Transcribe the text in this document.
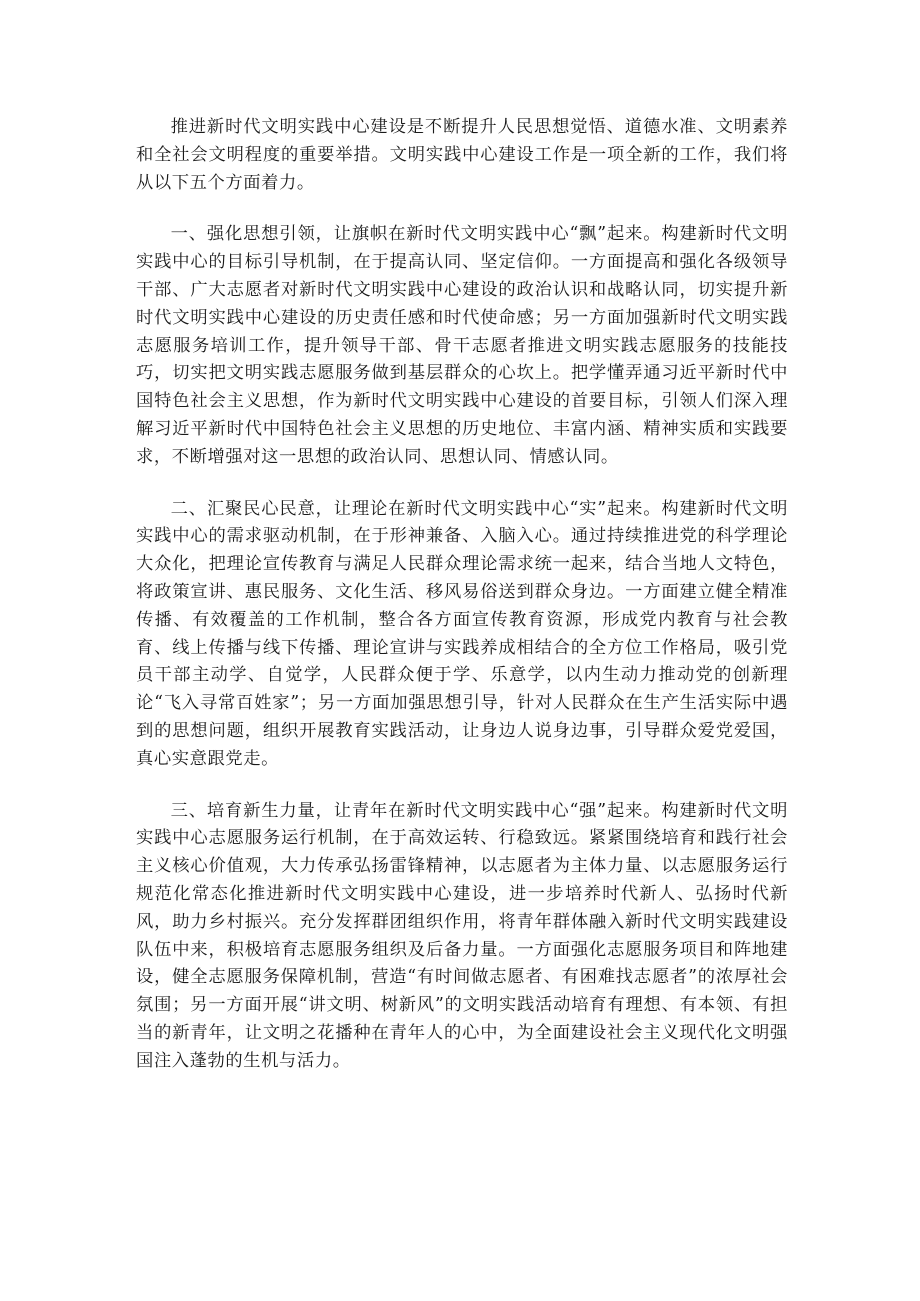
推进新时代文明实践中心建设是不断提升人民思想觉悟、道德水准、文明素养和全社会文明程度的重要举措。文明实践中心建设工作是一项全新的工作，我们将从以下五个方面着力。

一、强化思想引领，让旗帜在新时代文明实践中心“飘”起来。构建新时代文明实践中心的目标引导机制，在于提高认同、坚定信仰。一方面提高和强化各级领导干部、广大志愿者对新时代文明实践中心建设的政治认识和战略认同，切实提升新时代文明实践中心建设的历史责任感和时代使命感；另一方面加强新时代文明实践志愿服务培训工作，提升领导干部、骨干志愿者推进文明实践志愿服务的技能技巧，切实把文明实践志愿服务做到基层群众的心坎上。把学懂弄通习近平新时代中国特色社会主义思想，作为新时代文明实践中心建设的首要目标，引领人们深入理解习近平新时代中国特色社会主义思想的历史地位、丰富内涵、精神实质和实践要求，不断增强对这一思想的政治认同、思想认同、情感认同。

二、汇聚民心民意，让理论在新时代文明实践中心“实”起来。构建新时代文明实践中心的需求驱动机制，在于形神兼备、入脑入心。通过持续推进党的科学理论大众化，把理论宣传教育与满足人民群众理论需求统一起来，结合当地人文特色，将政策宣讲、惠民服务、文化生活、移风易俗送到群众身边。一方面建立健全精准传播、有效覆盖的工作机制，整合各方面宣传教育资源，形成党内教育与社会教育、线上传播与线下传播、理论宣讲与实践养成相结合的全方位工作格局，吸引党员干部主动学、自觉学，人民群众便于学、乐意学，以内生动力推动党的创新理论“飞入寻常百姓家”；另一方面加强思想引导，针对人民群众在生产生活实际中遇到的思想问题，组织开展教育实践活动，让身边人说身边事，引导群众爱党爱国，真心实意跟党走。

三、培育新生力量，让青年在新时代文明实践中心“强”起来。构建新时代文明实践中心志愿服务运行机制，在于高效运转、行稳致远。紧紧围绕培育和践行社会主义核心价值观，大力传承弘扬雷锋精神，以志愿者为主体力量、以志愿服务运行规范化常态化推进新时代文明实践中心建设，进一步培养时代新人、弘扬时代新风，助力乡村振兴。充分发挥群团组织作用，将青年群体融入新时代文明实践建设队伍中来，积极培育志愿服务组织及后备力量。一方面强化志愿服务项目和阵地建设，健全志愿服务保障机制，营造“有时间做志愿者、有困难找志愿者”的浓厚社会氛围；另一方面开展“讲文明、树新风”的文明实践活动培育有理想、有本领、有担当的新青年，让文明之花播种在青年人的心中，为全面建设社会主义现代化文明强国注入蓬勃的生机与活力。
